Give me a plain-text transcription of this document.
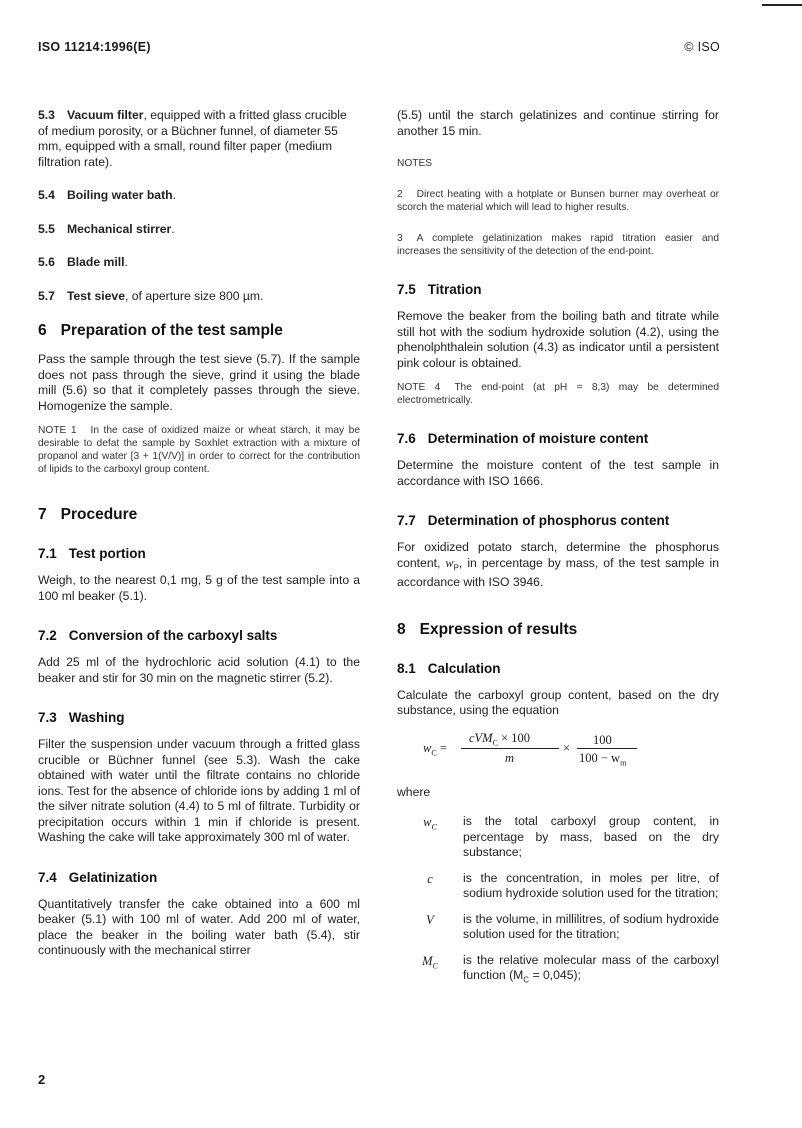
ISO 11214:1996(E)	© ISO
5.3 Vacuum filter, equipped with a fritted glass crucible of medium porosity, or a Büchner funnel, of diameter 55 mm, equipped with a small, round filter paper (medium filtration rate).
5.4 Boiling water bath.
5.5 Mechanical stirrer.
5.6 Blade mill.
5.7 Test sieve, of aperture size 800 µm.
6 Preparation of the test sample

Pass the sample through the test sieve (5.7). If the sample does not pass through the sieve, grind it using the blade mill (5.6) so that it completely passes through the sieve. Homogenize the sample.

NOTE 1 In the case of oxidized maize or wheat starch, it may be desirable to defat the sample by Soxhlet extraction with a mixture of propanol and water [3 + 1(V/V)] in order to correct for the contribution of lipids to the carboxyl group content.

7 Procedure
7.1 Test portion

Weigh, to the nearest 0,1 mg, 5 g of the test sample into a 100 ml beaker (5.1).

7.2 Conversion of the carboxyl salts

Add 25 ml of the hydrochloric acid solution (4.1) to the beaker and stir for 30 min on the magnetic stirrer (5.2).

7.3 Washing

Filter the suspension under vacuum through a fritted glass crucible or Büchner funnel (see 5.3). Wash the cake obtained with water until the filtrate contains no chloride ions. Test for the absence of chloride ions by adding 1 ml of the silver nitrate solution (4.4) to 5 ml of filtrate. Turbidity or precipitation occurs within 1 min if chloride is present. Washing the cake will take approximately 300 ml of water.

7.4 Gelatinization

Quantitatively transfer the cake obtained into a 600 ml beaker (5.1) with 100 ml of water. Add 200 ml of water, place the beaker in the boiling water bath (5.4), stir continuously with the mechanical stirrer

(5.5) until the starch gelatinizes and continue stirring for another 15 min.

NOTES

2 Direct heating with a hotplate or Bunsen burner may overheat or scorch the material which will lead to higher results.

3 A complete gelatinization makes rapid titration easier and increases the sensitivity of the detection of the end-point.

7.5 Titration

Remove the beaker from the boiling bath and titrate while still hot with the sodium hydroxide solution (4.2), using the phenolphthalein solution (4.3) as indicator until a persistent pink colour is obtained.

NOTE 4 The end-point (at pH = 8,3) may be determined electrometrically.

7.6 Determination of moisture content

Determine the moisture content of the test sample in accordance with ISO 1666.

7.7 Determination of phosphorus content

For oxidized potato starch, determine the phosphorus content, $w_P$, in percentage by mass, of the test sample in accordance with ISO 3946.

8 Expression of results
8.1 Calculation

Calculate the carboxyl group content, based on the dry substance, using the equation

$w_C$ =
cVM$_C$ × 100
m
×
100
$100 - w_m$

where

$w_C$	is the total carboxyl group content, in percentage by mass, based on the dry substance;
c	is the concentration, in moles per litre, of sodium hydroxide solution used for the titration;
V	is the volume, in millilitres, of sodium hydroxide solution used for the titration;
$M_C$	is the relative molecular mass of the carboxyl function $(M_C = 0,045)$;
2
